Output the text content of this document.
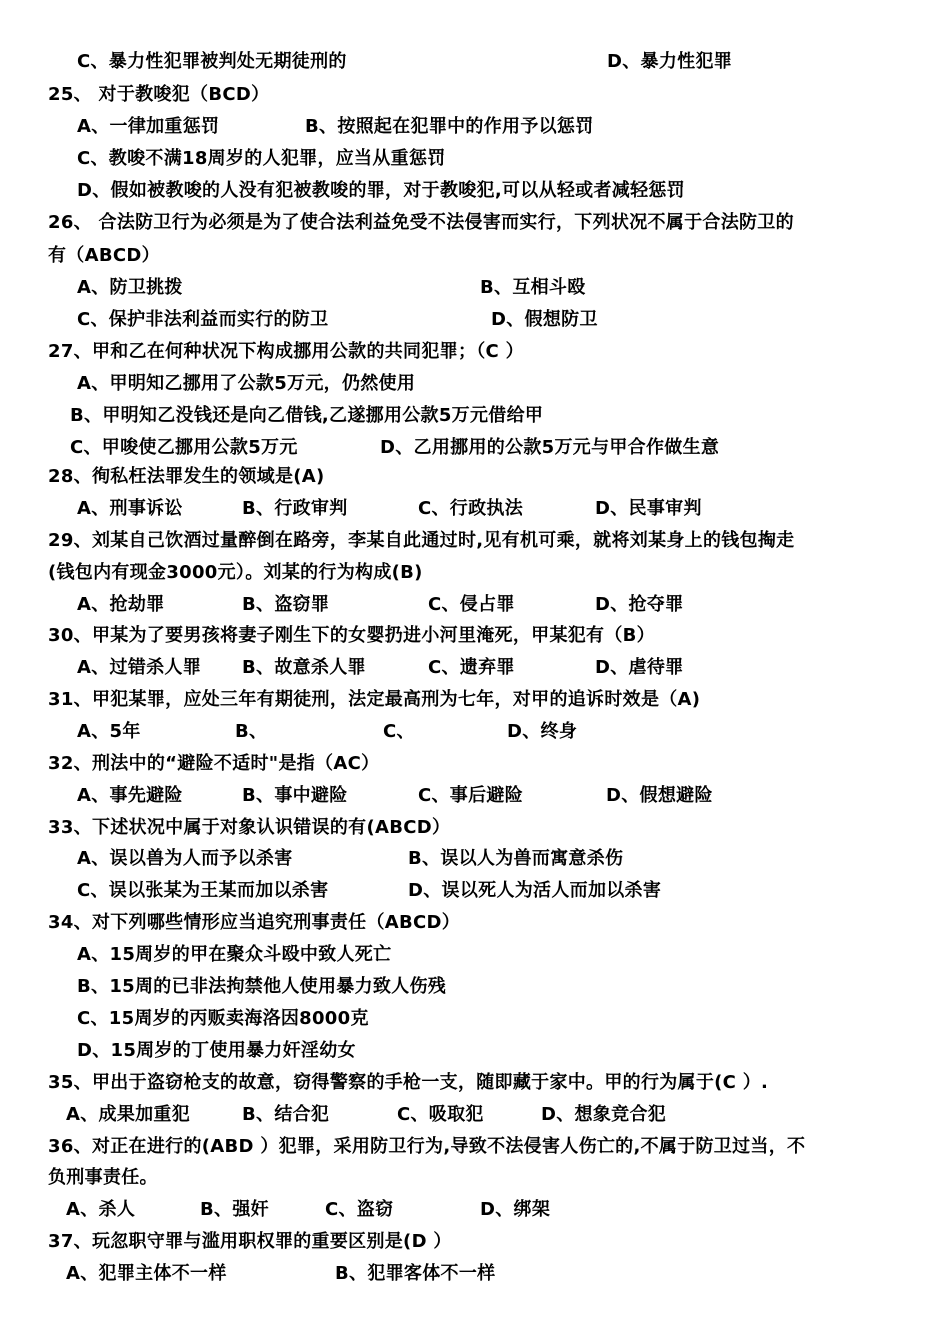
C、暴力性犯罪被判处无期徒刑的	D、暴力性犯罪
25、 对于教唆犯（BCD）
A、一律加重惩罚	B、按照起在犯罪中的作用予以惩罚
C、教唆不满18周岁的人犯罪，应当从重惩罚
D、假如被教唆的人没有犯被教唆的罪，对于教唆犯,可以从轻或者减轻惩罚
26、 合法防卫行为必须是为了使合法利益免受不法侵害而实行，下列状况不属于合法防卫的
有（ABCD）
A、防卫挑拨	B、互相斗殴
C、保护非法利益而实行的防卫	D、假想防卫
27、甲和乙在何种状况下构成挪用公款的共同犯罪；（C ）
A、甲明知乙挪用了公款5万元，仍然使用
B、甲明知乙没钱还是向乙借钱,乙遂挪用公款5万元借给甲
C、甲唆使乙挪用公款5万元	D、乙用挪用的公款5万元与甲合作做生意
28、徇私枉法罪发生的领域是(A)
A、刑事诉讼	B、行政审判	C、行政执法	D、民事审判
29、刘某自己饮酒过量醉倒在路旁，李某自此通过时,见有机可乘，就将刘某身上的钱包掏走
(钱包内有现金3000元）。刘某的行为构成(B)
A、抢劫罪	B、盗窃罪	C、侵占罪	D、抢夺罪
30、甲某为了要男孩将妻子刚生下的女婴扔进小河里淹死，甲某犯有（B）
A、过错杀人罪 B、故意杀人罪	C、遗弃罪	D、虐待罪
31、甲犯某罪，应处三年有期徒刑，法定最高刑为七年，对甲的追诉时效是（A)
A、5年	B、	C、	D、终身
32、刑法中的“避险不适时"是指（AC）
A、事先避险	B、事中避险	C、事后避险	D、假想避险
33、下述状况中属于对象认识错误的有(ABCD）
A、误以兽为人而予以杀害	B、误以人为兽而寓意杀伤
C、误以张某为王某而加以杀害	D、误以死人为活人而加以杀害
34、对下列哪些情形应当追究刑事责任（ABCD）
A、15周岁的甲在聚众斗殴中致人死亡
B、15周的已非法拘禁他人使用暴力致人伤残
C、15周岁的丙贩卖海洛因8000克
D、15周岁的丁使用暴力奸淫幼女
35、甲出于盗窃枪支的故意，窃得警察的手枪一支，随即藏于家中。甲的行为属于(C ）.
A、成果加重犯	B、结合犯	C、吸取犯	D、想象竞合犯
36、对正在进行的(ABD ）犯罪，采用防卫行为,导致不法侵害人伤亡的,不属于防卫过当，不
负刑事责任。
A、杀人	B、强奸	C、盗窃	D、绑架
37、玩忽职守罪与滥用职权罪的重要区别是(D ）
A、犯罪主体不一样	B、犯罪客体不一样
